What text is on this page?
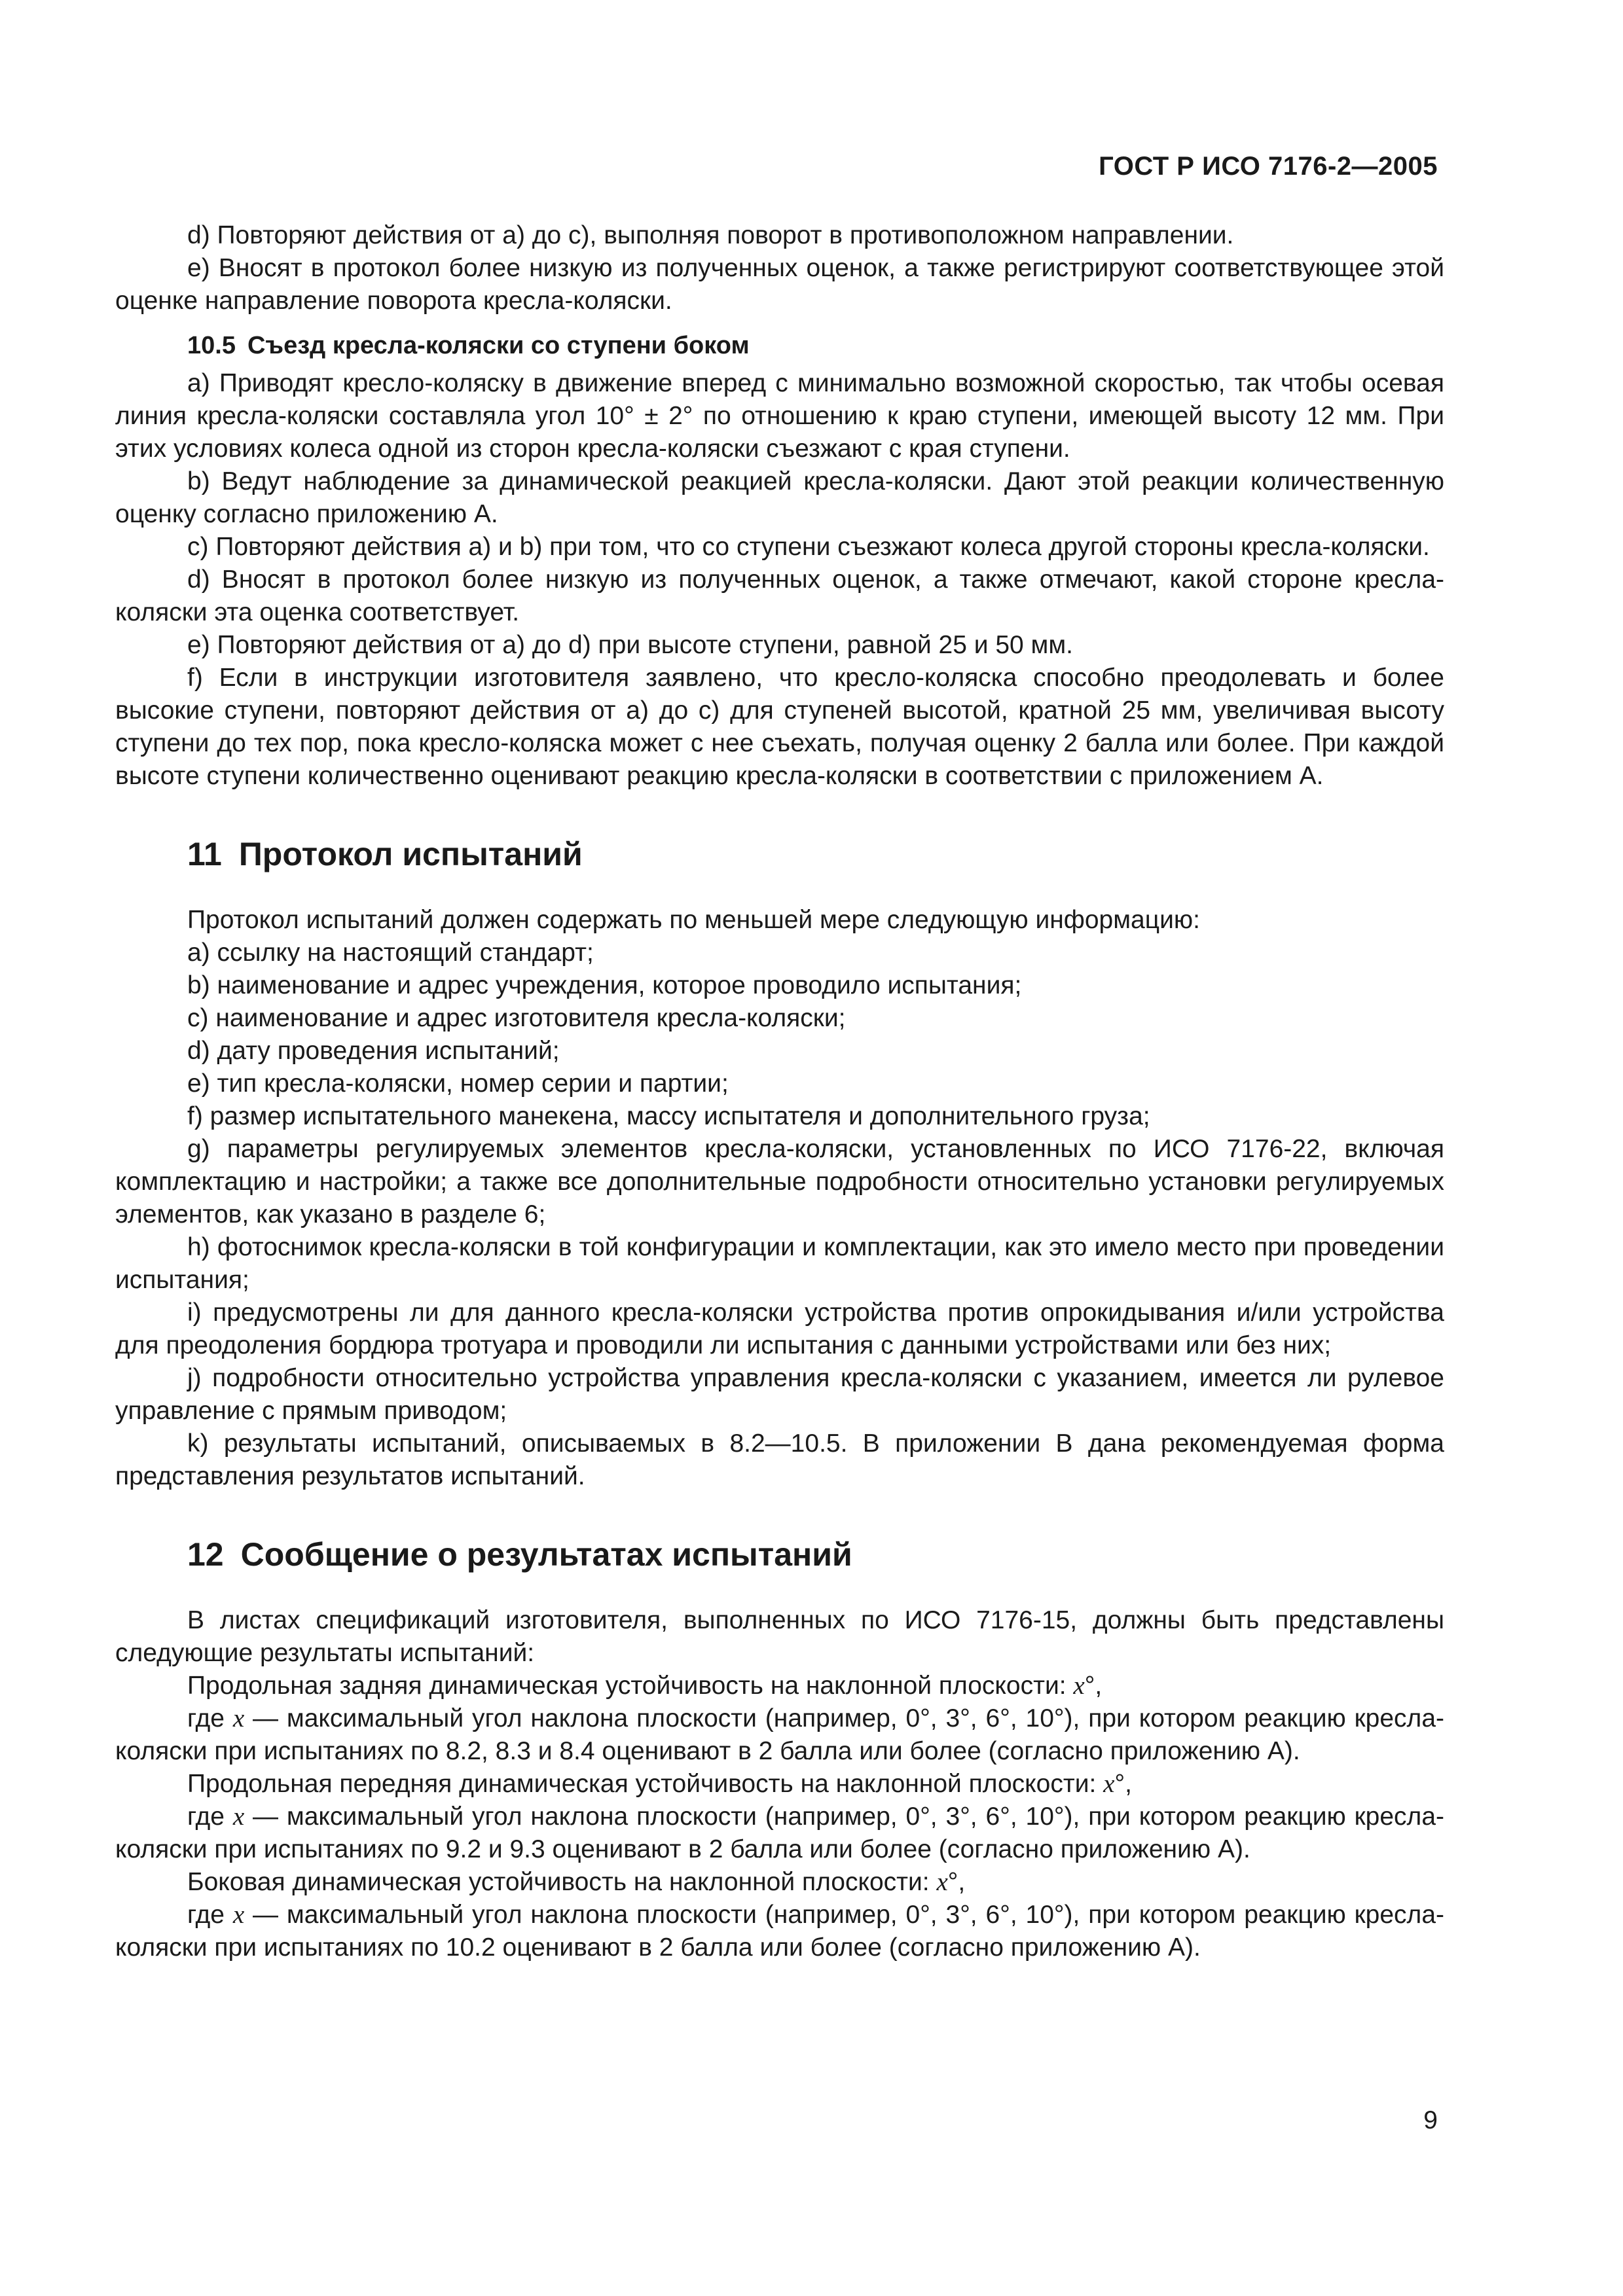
ГОСТ Р ИСО 7176-2—2005

d) Повторяют действия от а) до с), выполняя поворот в противоположном направлении.

е) Вносят в протокол более низкую из полученных оценок, а также регистрируют соответствующее этой оценке направление поворота кресла-коляски.

10.5 Съезд кресла-коляски со ступени боком

а) Приводят кресло-коляску в движение вперед с минимально возможной скоростью, так чтобы осевая линия кресла-коляски составляла угол 10° ± 2° по отношению к краю ступени, имеющей высоту 12 мм. При этих условиях колеса одной из сторон кресла-коляски съезжают с края ступени.

b) Ведут наблюдение за динамической реакцией кресла-коляски. Дают этой реакции количественную оценку согласно приложению А.

с) Повторяют действия а) и b) при том, что со ступени съезжают колеса другой стороны кресла-коляски.

d) Вносят в протокол более низкую из полученных оценок, а также отмечают, какой стороне кресла-коляски эта оценка соответствует.

е) Повторяют действия от а) до d) при высоте ступени, равной 25 и 50 мм.

f) Если в инструкции изготовителя заявлено, что кресло-коляска способно преодолевать и более высокие ступени, повторяют действия от а) до с) для ступеней высотой, кратной 25 мм, увеличивая высоту ступени до тех пор, пока кресло-коляска может с нее съехать, получая оценку 2 балла или более. При каждой высоте ступени количественно оценивают реакцию кресла-коляски в соответствии с приложением А.

11 Протокол испытаний

Протокол испытаний должен содержать по меньшей мере следующую информацию:

а) ссылку на настоящий стандарт;

b) наименование и адрес учреждения, которое проводило испытания;

с) наименование и адрес изготовителя кресла-коляски;

d) дату проведения испытаний;

е) тип кресла-коляски, номер серии и партии;

f) размер испытательного манекена, массу испытателя и дополнительного груза;

g) параметры регулируемых элементов кресла-коляски, установленных по ИСО 7176-22, включая комплектацию и настройки; а также все дополнительные подробности относительно установки регулируемых элементов, как указано в разделе 6;

h) фотоснимок кресла-коляски в той конфигурации и комплектации, как это имело место при проведении испытания;

i) предусмотрены ли для данного кресла-коляски устройства против опрокидывания и/или устройства для преодоления бордюра тротуара и проводили ли испытания с данными устройствами или без них;

j) подробности относительно устройства управления кресла-коляски с указанием, имеется ли рулевое управление с прямым приводом;

k) результаты испытаний, описываемых в 8.2—10.5. В приложении В дана рекомендуемая форма представления результатов испытаний.

12 Сообщение о результатах испытаний

В листах спецификаций изготовителя, выполненных по ИСО 7176-15, должны быть представлены следующие результаты испытаний:

Продольная задняя динамическая устойчивость на наклонной плоскости: x°,

где x — максимальный угол наклона плоскости (например, 0°, 3°, 6°, 10°), при котором реакцию кресла-коляски при испытаниях по 8.2, 8.3 и 8.4 оценивают в 2 балла или более (согласно приложению А).

Продольная передняя динамическая устойчивость на наклонной плоскости: x°,

где x — максимальный угол наклона плоскости (например, 0°, 3°, 6°, 10°), при котором реакцию кресла-коляски при испытаниях по 9.2 и 9.3 оценивают в 2 балла или более (согласно приложению А).

Боковая динамическая устойчивость на наклонной плоскости: x°,

где x — максимальный угол наклона плоскости (например, 0°, 3°, 6°, 10°), при котором реакцию кресла-коляски при испытаниях по 10.2 оценивают в 2 балла или более (согласно приложению А).

9
